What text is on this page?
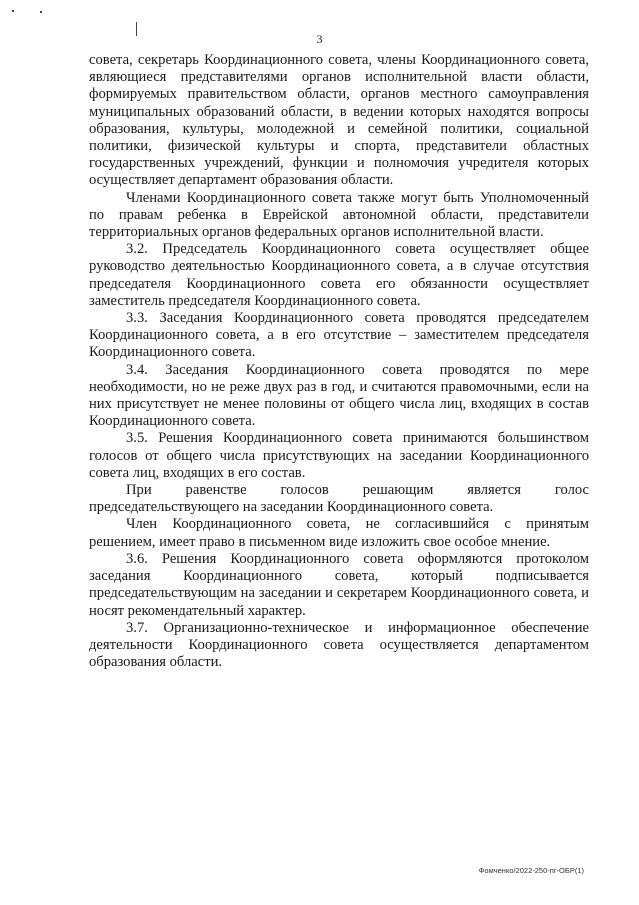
3

совета, секретарь Координационного совета, члены Координационного совета, являющиеся представителями органов исполнительной власти области, формируемых правительством области, органов местного самоуправления муниципальных образований области, в ведении которых находятся вопросы образования, культуры, молодежной и семейной политики, социальной политики, физической культуры и спорта, представители областных государственных учреждений, функции и полномочия учредителя которых осуществляет департамент образования области.

Членами Координационного совета также могут быть Уполномоченный по правам ребенка в Еврейской автономной области, представители территориальных органов федеральных органов исполнительной власти.

3.2. Председатель Координационного совета осуществляет общее руководство деятельностью Координационного совета, а в случае отсутствия председателя Координационного совета его обязанности осуществляет заместитель председателя Координационного совета.

3.3. Заседания Координационного совета проводятся председателем Координационного совета, а в его отсутствие – заместителем председателя Координационного совета.

3.4. Заседания Координационного совета проводятся по мере необходимости, но не реже двух раз в год, и считаются правомочными, если на них присутствует не менее половины от общего числа лиц, входящих в состав Координационного совета.

3.5. Решения Координационного совета принимаются большинством голосов от общего числа присутствующих на заседании Координационного совета лиц, входящих в его состав.

При равенстве голосов решающим является голос председательствующего на заседании Координационного совета.

Член Координационного совета, не согласившийся с принятым решением, имеет право в письменном виде изложить свое особое мнение.

3.6. Решения Координационного совета оформляются протоколом заседания Координационного совета, который подписывается председательствующим на заседании и секретарем Координационного совета, и носят рекомендательный характер.

3.7. Организационно-техническое и информационное обеспечение деятельности Координационного совета осуществляется департаментом образования области.

Фомченко/2022-250-пг-ОБР(1)
